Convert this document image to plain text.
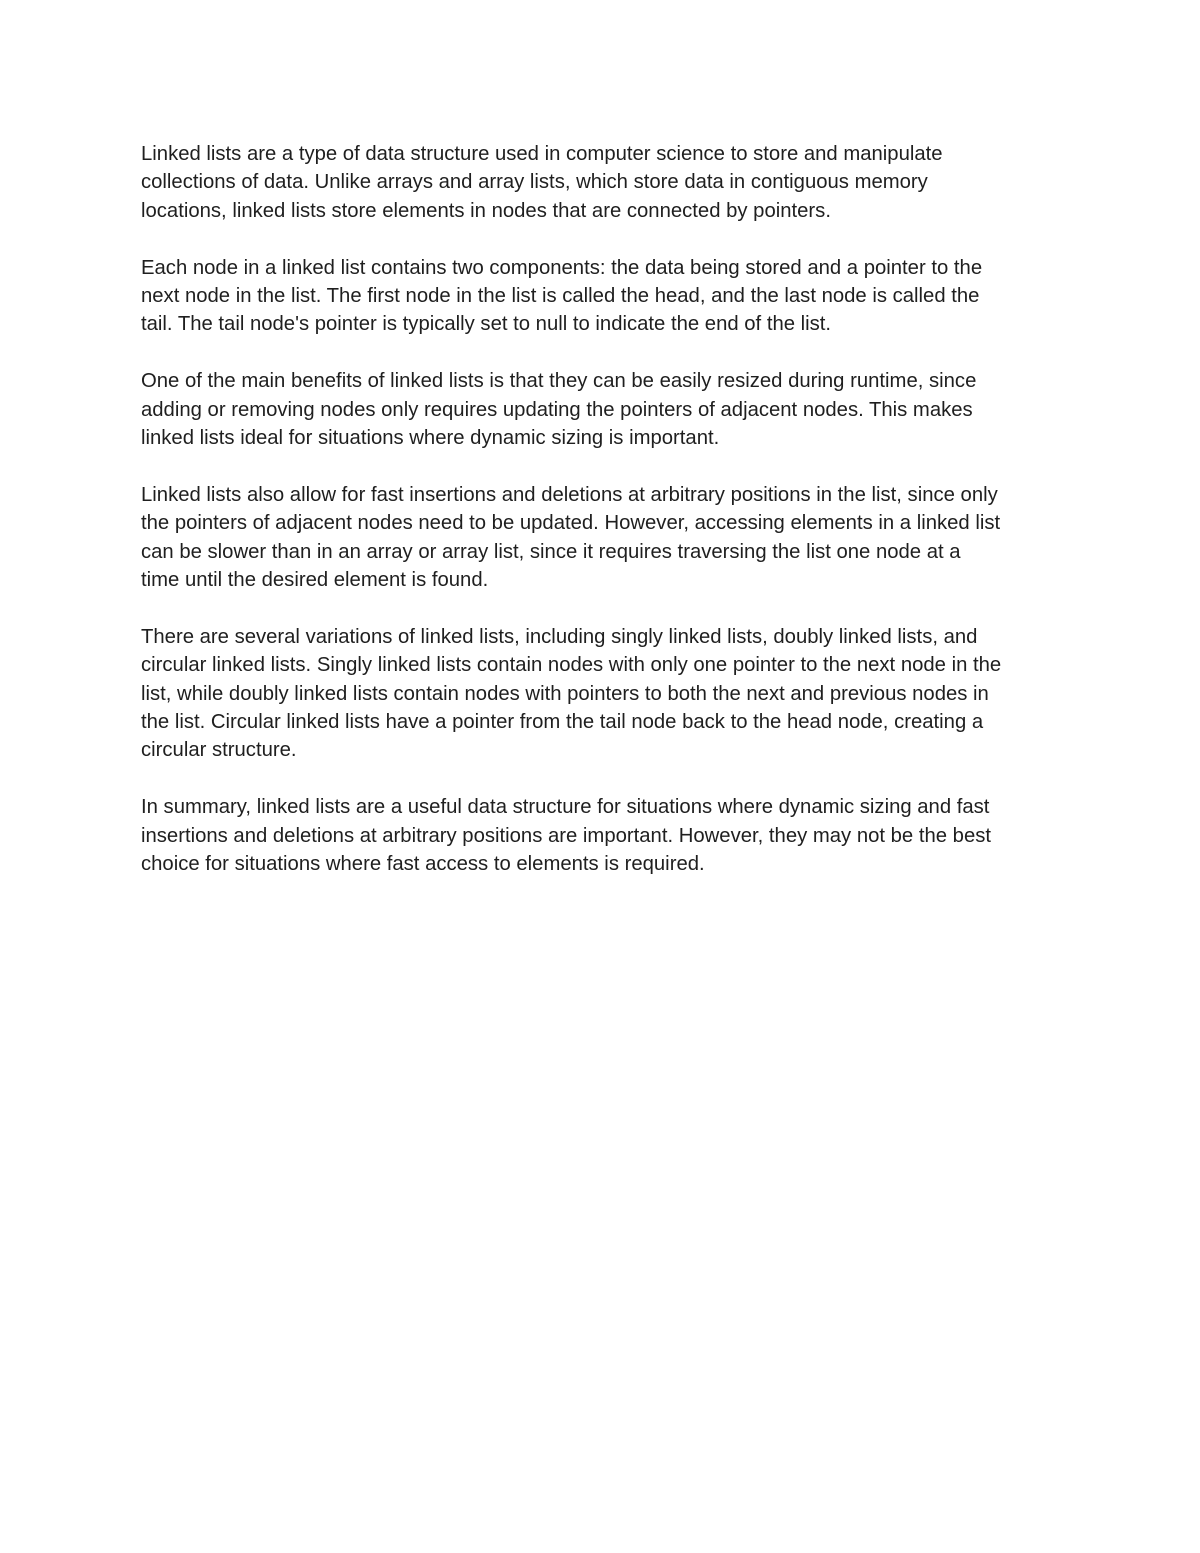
Linked lists are a type of data structure used in computer science to store and manipulate
collections of data. Unlike arrays and array lists, which store data in contiguous memory
locations, linked lists store elements in nodes that are connected by pointers.

Each node in a linked list contains two components: the data being stored and a pointer to the
next node in the list. The first node in the list is called the head, and the last node is called the
tail. The tail node's pointer is typically set to null to indicate the end of the list.

One of the main benefits of linked lists is that they can be easily resized during runtime, since
adding or removing nodes only requires updating the pointers of adjacent nodes. This makes
linked lists ideal for situations where dynamic sizing is important.

Linked lists also allow for fast insertions and deletions at arbitrary positions in the list, since only
the pointers of adjacent nodes need to be updated. However, accessing elements in a linked list
can be slower than in an array or array list, since it requires traversing the list one node at a
time until the desired element is found.

There are several variations of linked lists, including singly linked lists, doubly linked lists, and
circular linked lists. Singly linked lists contain nodes with only one pointer to the next node in the
list, while doubly linked lists contain nodes with pointers to both the next and previous nodes in
the list. Circular linked lists have a pointer from the tail node back to the head node, creating a
circular structure.

In summary, linked lists are a useful data structure for situations where dynamic sizing and fast
insertions and deletions at arbitrary positions are important. However, they may not be the best
choice for situations where fast access to elements is required.
